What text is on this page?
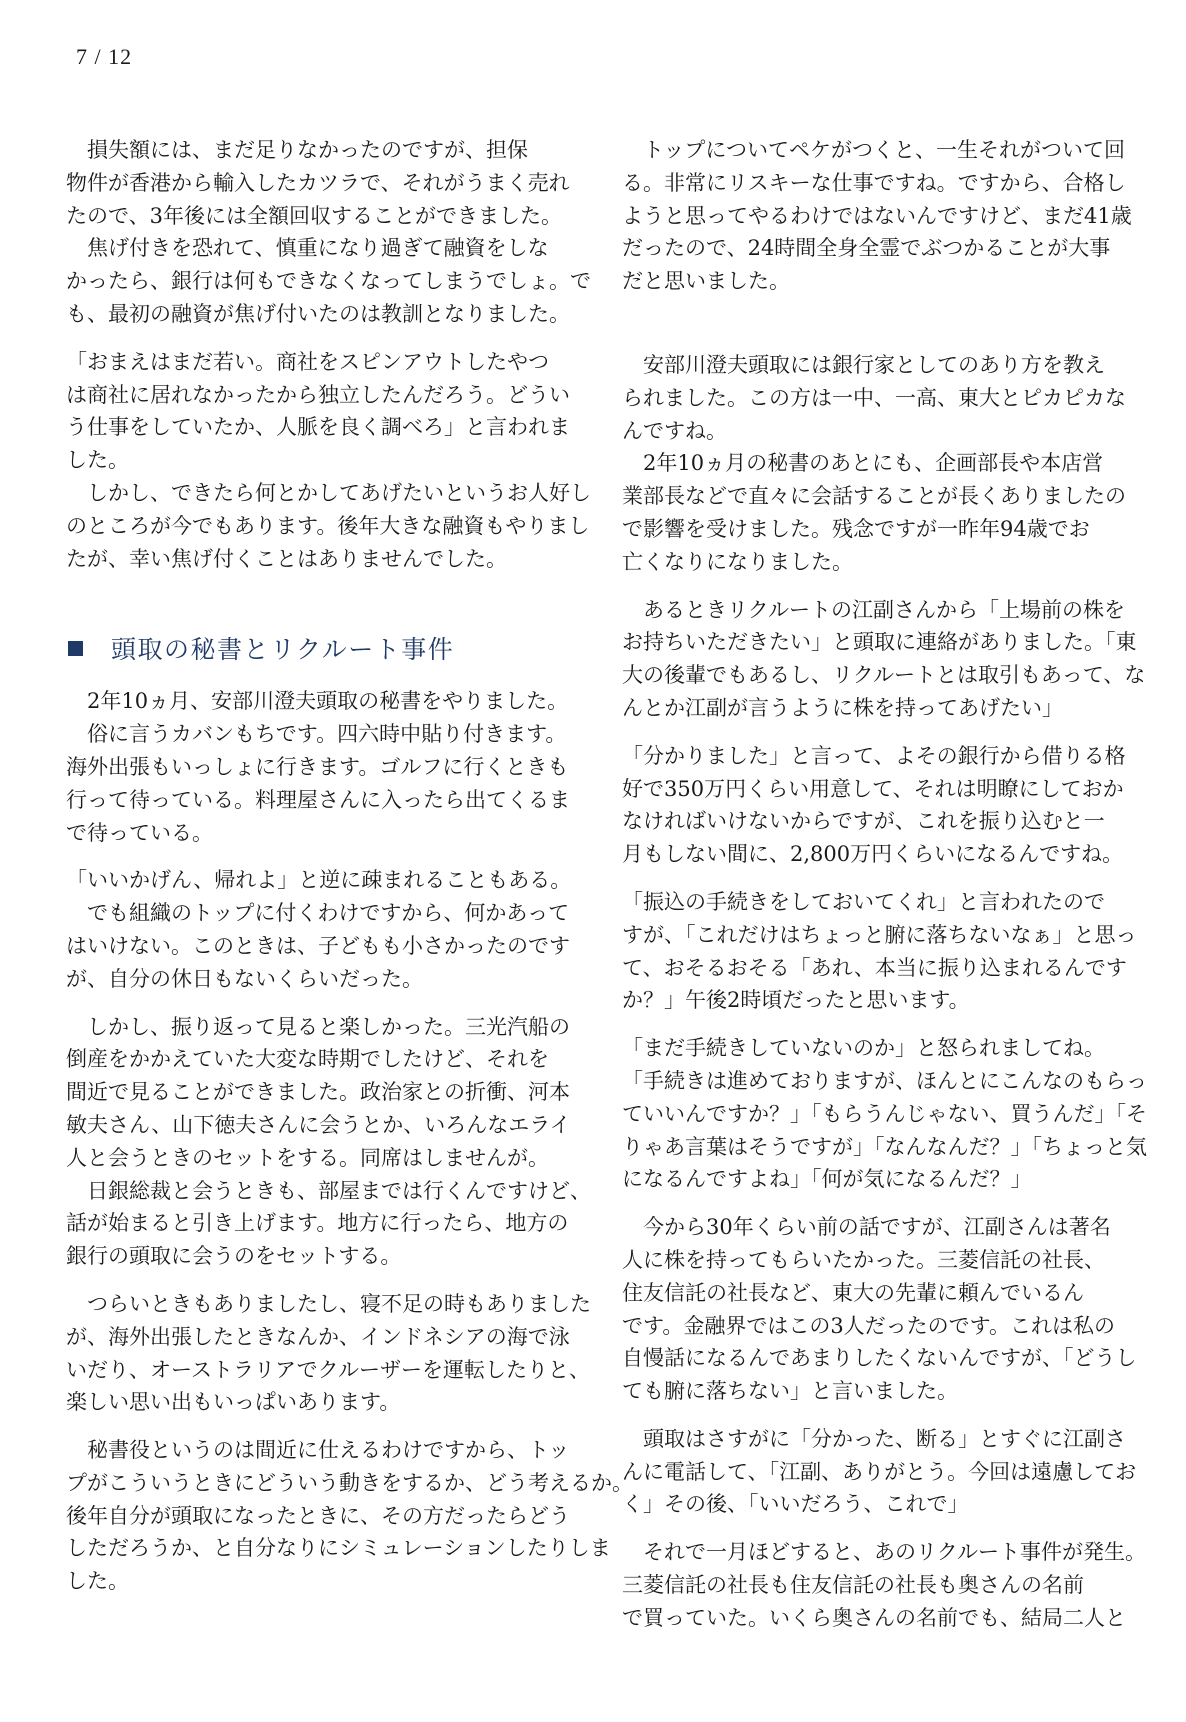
7 / 12
　損失額には、まだ足りなかったのですが、担保
物件が香港から輸入したカツラで、それがうまく売れ
たので、3年後には全額回収することができました。
　焦げ付きを恐れて、慎重になり過ぎて融資をしな
かったら、銀行は何もできなくなってしまうでしょ。で
も、最初の融資が焦げ付いたのは教訓となりました。
「おまえはまだ若い。商社をスピンアウトしたやつ
は商社に居れなかったから独立したんだろう。どうい
う仕事をしていたか、人脈を良く調べろ」と言われま
した。
　しかし、できたら何とかしてあげたいというお人好し
のところが今でもあります。後年大きな融資もやりまし
たが、幸い焦げ付くことはありませんでした。
頭取の秘書とリクルート事件
　2年10ヵ月、安部川澄夫頭取の秘書をやりました。
　俗に言うカバンもちです。四六時中貼り付きます。
海外出張もいっしょに行きます。ゴルフに行くときも
行って待っている。料理屋さんに入ったら出てくるま
で待っている。
「いいかげん、帰れよ」と逆に疎まれることもある。
　でも組織のトップに付くわけですから、何かあって
はいけない。このときは、子どもも小さかったのです
が、自分の休日もないくらいだった。
　しかし、振り返って見ると楽しかった。三光汽船の
倒産をかかえていた大変な時期でしたけど、それを
間近で見ることができました。政治家との折衝、河本
敏夫さん、山下徳夫さんに会うとか、いろんなエライ
人と会うときのセットをする。同席はしませんが。
　日銀総裁と会うときも、部屋までは行くんですけど、
話が始まると引き上げます。地方に行ったら、地方の
銀行の頭取に会うのをセットする。
　つらいときもありましたし、寝不足の時もありました
が、海外出張したときなんか、インドネシアの海で泳
いだり、オーストラリアでクルーザーを運転したりと、
楽しい思い出もいっぱいあります。
　秘書役というのは間近に仕えるわけですから、トッ
プがこういうときにどういう動きをするか、どう考えるか。
後年自分が頭取になったときに、その方だったらどう
しただろうか、と自分なりにシミュレーションしたりしま
した。
　トップについてペケがつくと、一生それがついて回
る。非常にリスキーな仕事ですね。ですから、合格し
ようと思ってやるわけではないんですけど、まだ41歳
だったので、24時間全身全霊でぶつかることが大事
だと思いました。
　安部川澄夫頭取には銀行家としてのあり方を教え
られました。この方は一中、一高、東大とピカピカな
んですね。
　2年10ヵ月の秘書のあとにも、企画部長や本店営
業部長などで直々に会話することが長くありましたの
で影響を受けました。残念ですが一昨年94歳でお
亡くなりになりました。
　あるときリクルートの江副さんから「上場前の株を
お持ちいただきたい」と頭取に連絡がありました。「東
大の後輩でもあるし、リクルートとは取引もあって、な
んとか江副が言うように株を持ってあげたい」
「分かりました」と言って、よその銀行から借りる格
好で350万円くらい用意して、それは明瞭にしておか
なければいけないからですが、これを振り込むと一
月もしない間に、2,800万円くらいになるんですね。
「振込の手続きをしておいてくれ」と言われたので
すが、「これだけはちょっと腑に落ちないなぁ」と思っ
て、おそるおそる「あれ、本当に振り込まれるんです
か？」午後2時頃だったと思います。
「まだ手続きしていないのか」と怒られましてね。
「手続きは進めておりますが、ほんとにこんなのもらっ
ていいんですか？」「もらうんじゃない、買うんだ」「そ
りゃあ言葉はそうですが」「なんなんだ？」「ちょっと気
になるんですよね」「何が気になるんだ？」
　今から30年くらい前の話ですが、江副さんは著名
人に株を持ってもらいたかった。三菱信託の社長、
住友信託の社長など、東大の先輩に頼んでいるん
です。金融界ではこの3人だったのです。これは私の
自慢話になるんであまりしたくないんですが、「どうし
ても腑に落ちない」と言いました。
　頭取はさすがに「分かった、断る」とすぐに江副さ
んに電話して、「江副、ありがとう。今回は遠慮してお
く」その後、「いいだろう、これで」
　それで一月ほどすると、あのリクルート事件が発生。
三菱信託の社長も住友信託の社長も奥さんの名前
で買っていた。いくら奥さんの名前でも、結局二人と
